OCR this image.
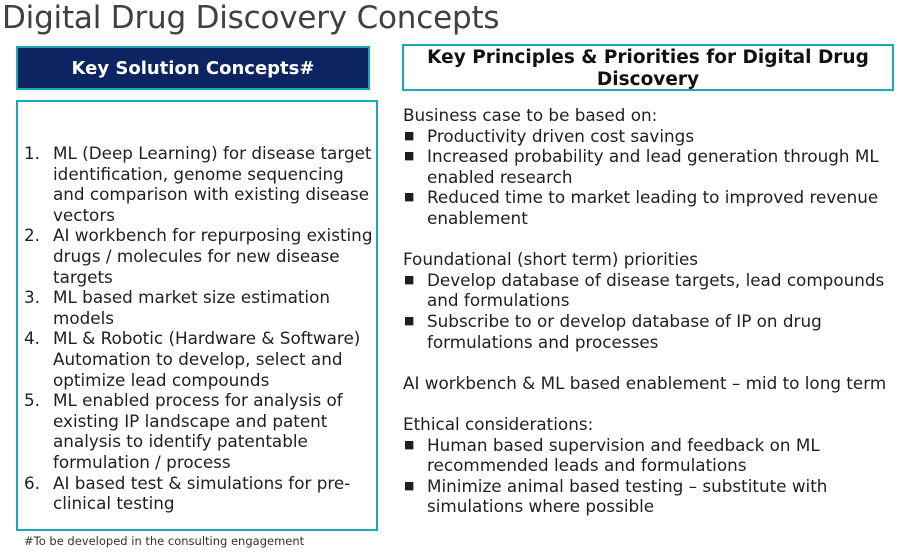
Digital Drug Discovery Concepts
Key Solution Concepts#
1. ML (Deep Learning) for disease target identification, genome sequencing and comparison with existing disease vectors
2. AI workbench for repurposing existing drugs / molecules for new disease targets
3. ML based market size estimation models
4. ML & Robotic (Hardware & Software) Automation to develop, select and optimize lead compounds
5. ML enabled process for analysis of existing IP landscape and patent analysis to identify patentable formulation / process
6. AI based test & simulations for pre-clinical testing
#To be developed in the consulting engagement
Key Principles & Priorities for Digital Drug Discovery
Business case to be based on:
■ Productivity driven cost savings
■ Increased probability and lead generation through ML enabled research
■ Reduced time to market leading to improved revenue enablement
Foundational (short term) priorities
■ Develop database of disease targets, lead compounds and formulations
■ Subscribe to or develop database of IP on drug formulations and processes
AI workbench & ML based enablement – mid to long term
Ethical considerations:
■ Human based supervision and feedback on ML recommended leads and formulations
■ Minimize animal based testing – substitute with simulations where possible
